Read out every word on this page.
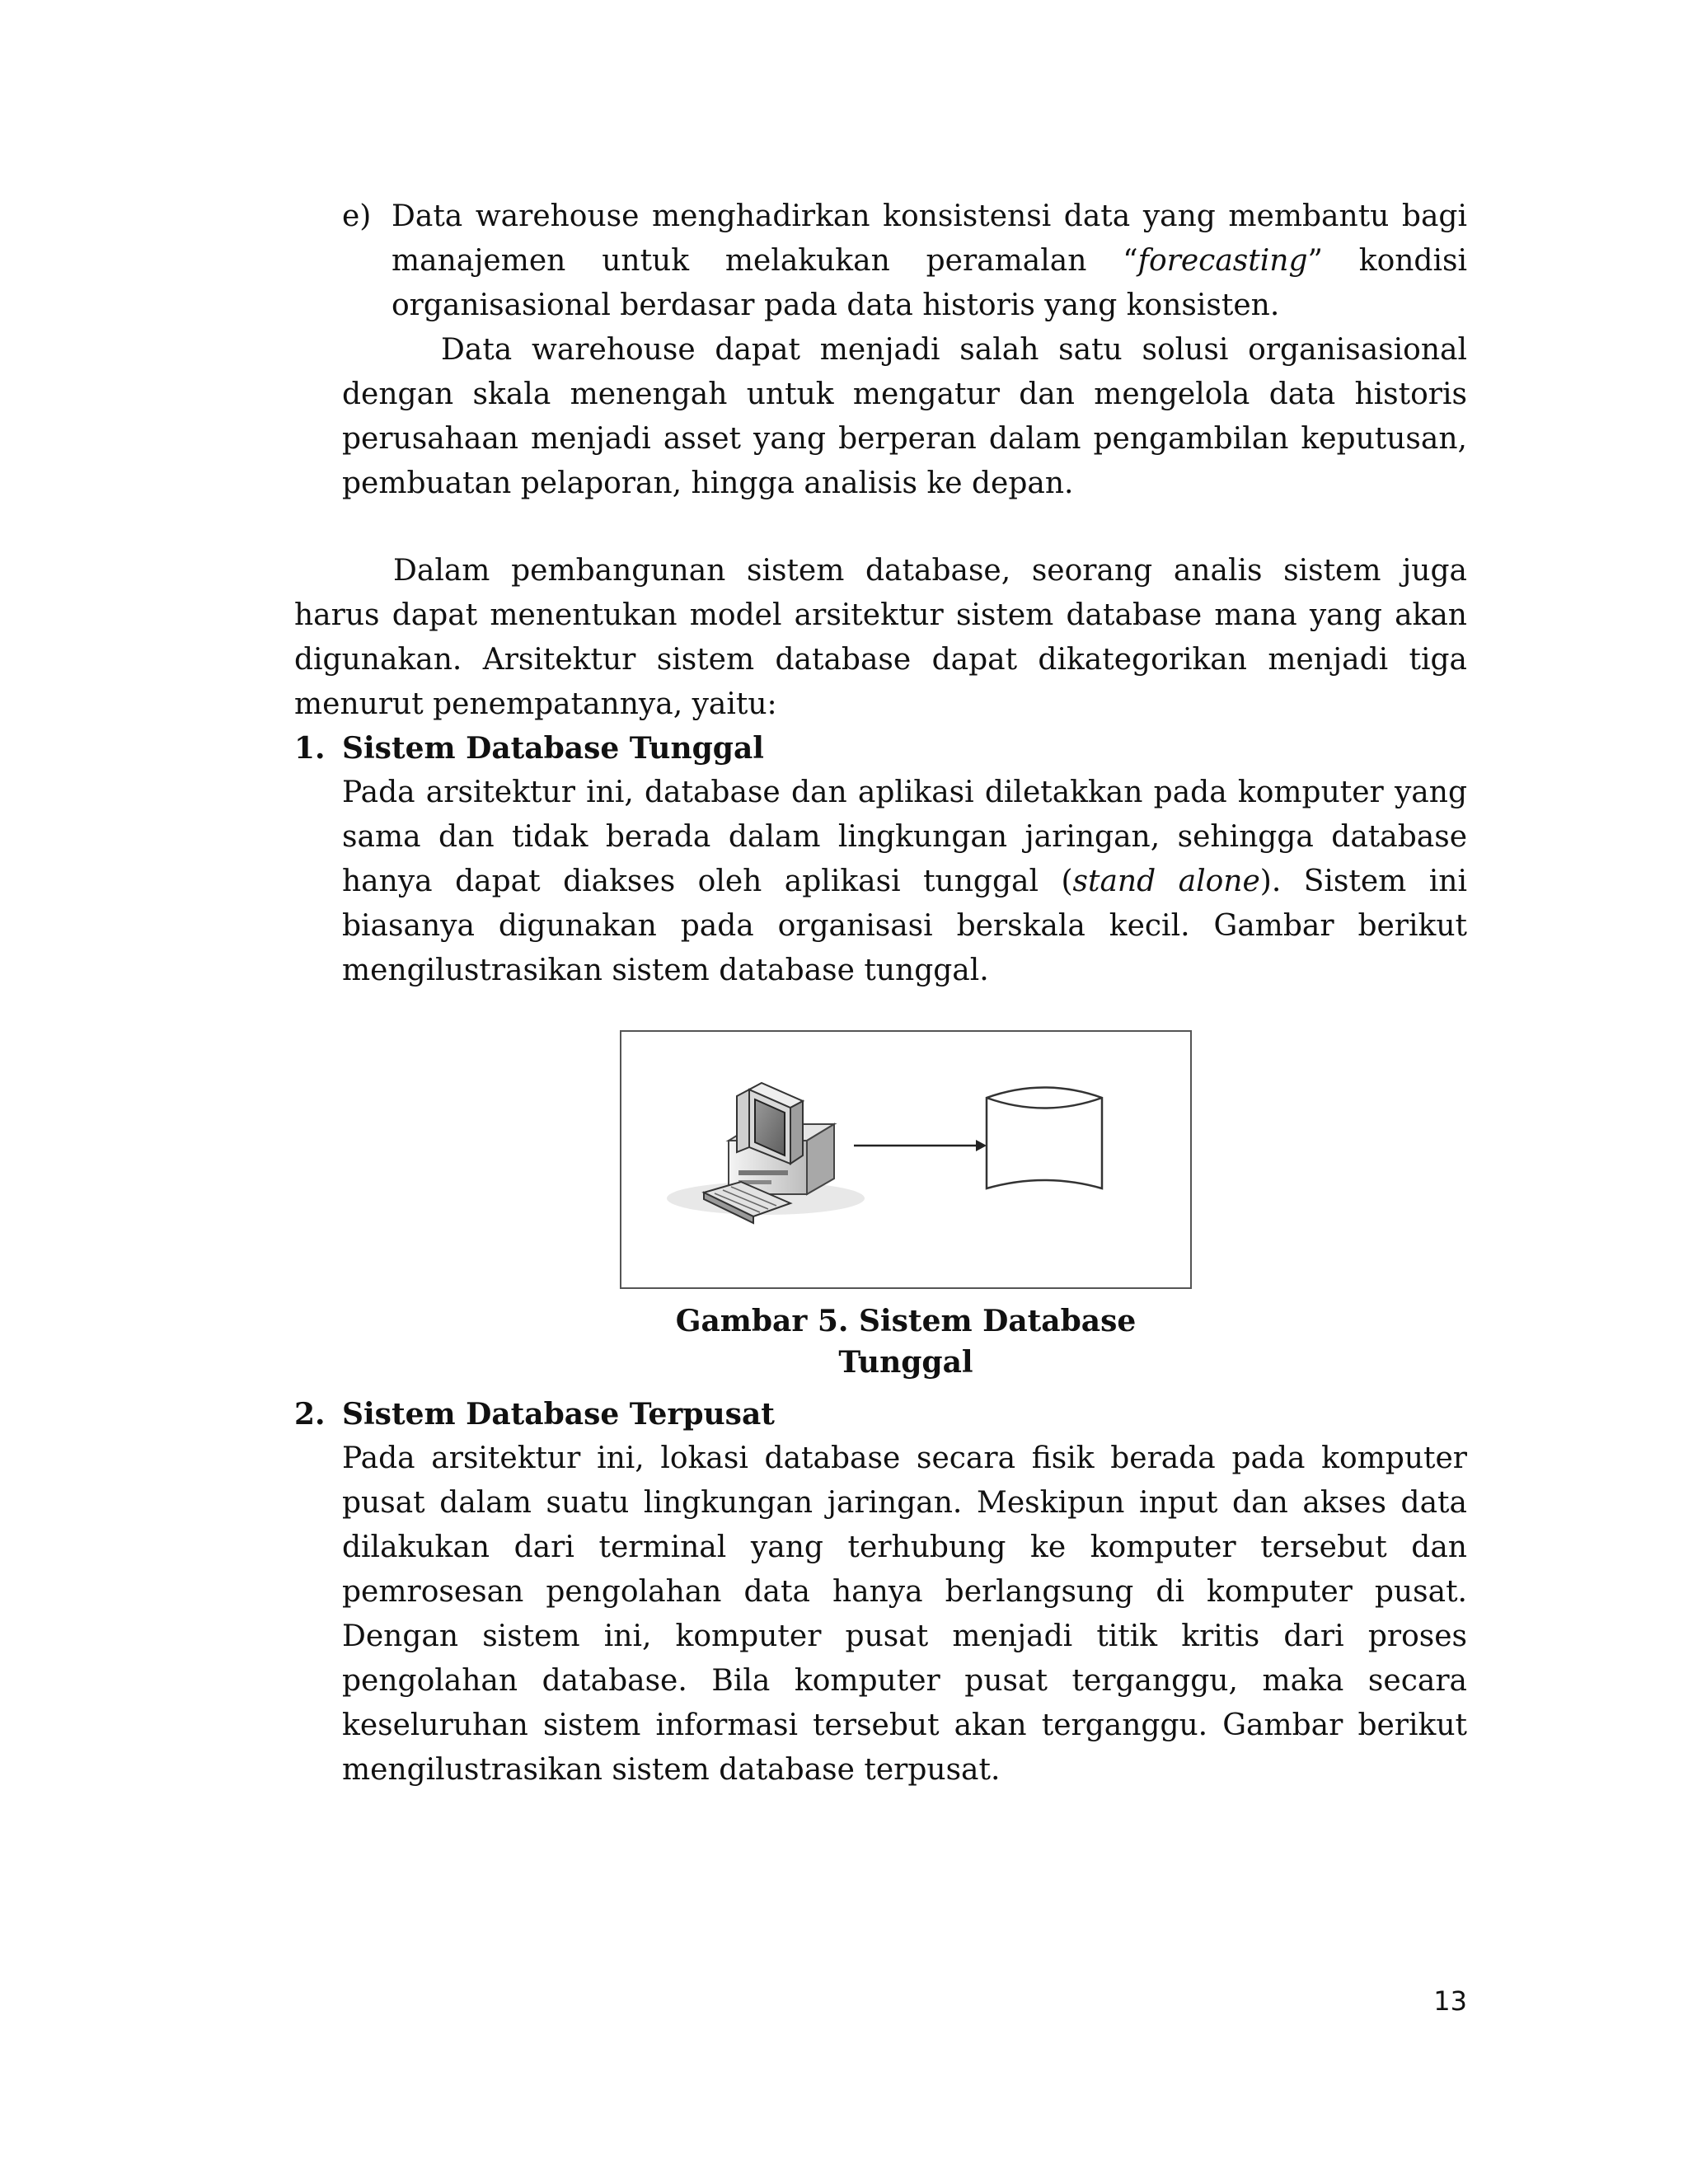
e) Data warehouse menghadirkan konsistensi data yang membantu bagi manajemen untuk melakukan peramalan “forecasting” kondisi organisasional berdasar pada data historis yang konsisten.

Data warehouse dapat menjadi salah satu solusi organisasional dengan skala menengah untuk mengatur dan mengelola data historis perusahaan menjadi asset yang berperan dalam pengambilan keputusan, pembuatan pelaporan, hingga analisis ke depan.

Dalam pembangunan sistem database, seorang analis sistem juga harus dapat menentukan model arsitektur sistem database mana yang akan digunakan. Arsitektur sistem database dapat dikategorikan menjadi tiga menurut penempatannya, yaitu:

1. Sistem Database Tunggal

Pada arsitektur ini, database dan aplikasi diletakkan pada komputer yang sama dan tidak berada dalam lingkungan jaringan, sehingga database hanya dapat diakses oleh aplikasi tunggal (stand alone). Sistem ini biasanya digunakan pada organisasi berskala kecil. Gambar berikut mengilustrasikan sistem database tunggal.

Gambar 5. Sistem Database Tunggal
2. Sistem Database Terpusat

Pada arsitektur ini, lokasi database secara fisik berada pada komputer pusat dalam suatu lingkungan jaringan. Meskipun input dan akses data dilakukan dari terminal yang terhubung ke komputer tersebut dan pemrosesan pengolahan data hanya berlangsung di komputer pusat. Dengan sistem ini, komputer pusat menjadi titik kritis dari proses pengolahan database. Bila komputer pusat terganggu, maka secara keseluruhan sistem informasi tersebut akan terganggu. Gambar berikut mengilustrasikan sistem database terpusat.

13
